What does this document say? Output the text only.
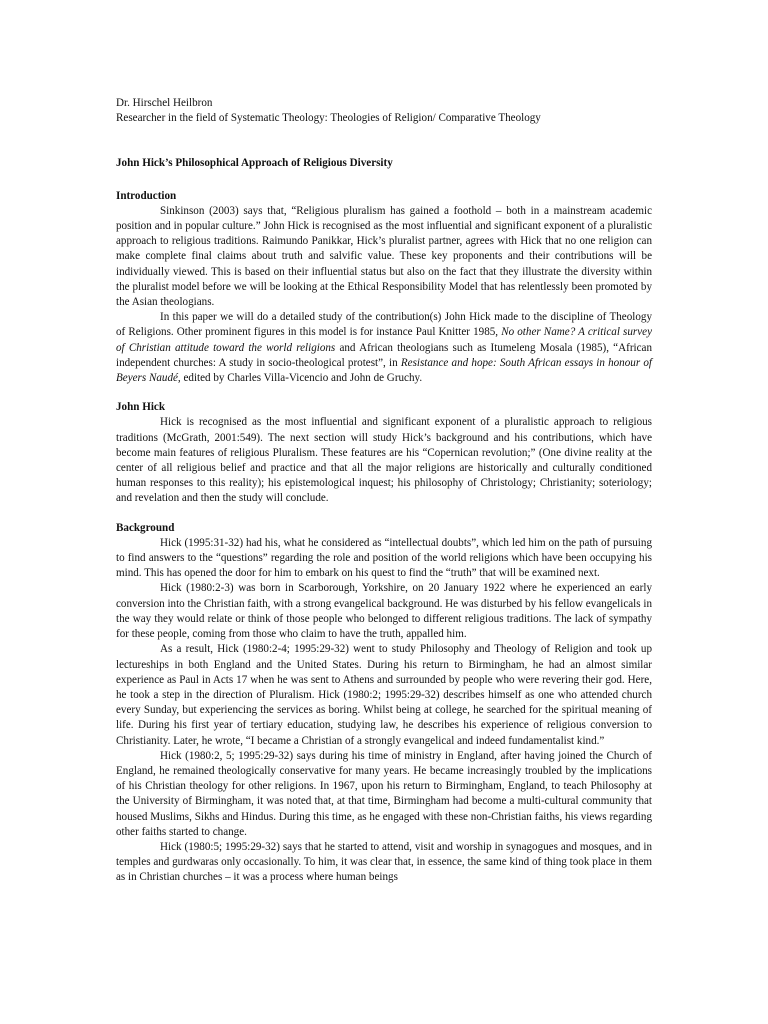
Dr. Hirschel Heilbron

Researcher in the field of Systematic Theology: Theologies of Religion/ Comparative Theology

John Hick’s Philosophical Approach of Religious Diversity

Introduction

Sinkinson (2003) says that, “Religious pluralism has gained a foothold – both in a mainstream academic position and in popular culture.” John Hick is recognised as the most influential and significant exponent of a pluralistic approach to religious traditions. Raimundo Panikkar, Hick’s pluralist partner, agrees with Hick that no one religion can make complete final claims about truth and salvific value. These key proponents and their contributions will be individually viewed. This is based on their influential status but also on the fact that they illustrate the diversity within the pluralist model before we will be looking at the Ethical Responsibility Model that has relentlessly been promoted by the Asian theologians.

In this paper we will do a detailed study of the contribution(s) John Hick made to the discipline of Theology of Religions. Other prominent figures in this model is for instance Paul Knitter 1985, No other Name? A critical survey of Christian attitude toward the world religions and African theologians such as Itumeleng Mosala (1985), “African independent churches: A study in socio-theological protest”, in Resistance and hope: South African essays in honour of Beyers Naudé, edited by Charles Villa-Vicencio and John de Gruchy.

John Hick

Hick is recognised as the most influential and significant exponent of a pluralistic approach to religious traditions (McGrath, 2001:549). The next section will study Hick’s background and his contributions, which have become main features of religious Pluralism. These features are his “Copernican revolution;” (One divine reality at the center of all religious belief and practice and that all the major religions are historically and culturally conditioned human responses to this reality); his epistemological inquest; his philosophy of Christology; Christianity; soteriology; and revelation and then the study will conclude.

Background

Hick (1995:31-32) had his, what he considered as “intellectual doubts”, which led him on the path of pursuing to find answers to the “questions” regarding the role and position of the world religions which have been occupying his mind. This has opened the door for him to embark on his quest to find the “truth” that will be examined next.

Hick (1980:2-3) was born in Scarborough, Yorkshire, on 20 January 1922 where he experienced an early conversion into the Christian faith, with a strong evangelical background. He was disturbed by his fellow evangelicals in the way they would relate or think of those people who belonged to different religious traditions. The lack of sympathy for these people, coming from those who claim to have the truth, appalled him.

As a result, Hick (1980:2-4; 1995:29-32) went to study Philosophy and Theology of Religion and took up lectureships in both England and the United States. During his return to Birmingham, he had an almost similar experience as Paul in Acts 17 when he was sent to Athens and surrounded by people who were revering their god. Here, he took a step in the direction of Pluralism. Hick (1980:2; 1995:29-32) describes himself as one who attended church every Sunday, but experiencing the services as boring. Whilst being at college, he searched for the spiritual meaning of life. During his first year of tertiary education, studying law, he describes his experience of religious conversion to Christianity. Later, he wrote, “I became a Christian of a strongly evangelical and indeed fundamentalist kind.”

Hick (1980:2, 5; 1995:29-32) says during his time of ministry in England, after having joined the Church of England, he remained theologically conservative for many years. He became increasingly troubled by the implications of his Christian theology for other religions. In 1967, upon his return to Birmingham, England, to teach Philosophy at the University of Birmingham, it was noted that, at that time, Birmingham had become a multi-cultural community that housed Muslims, Sikhs and Hindus. During this time, as he engaged with these non-Christian faiths, his views regarding other faiths started to change.

Hick (1980:5; 1995:29-32) says that he started to attend, visit and worship in synagogues and mosques, and in temples and gurdwaras only occasionally. To him, it was clear that, in essence, the same kind of thing took place in them as in Christian churches – it was a process where human beings
